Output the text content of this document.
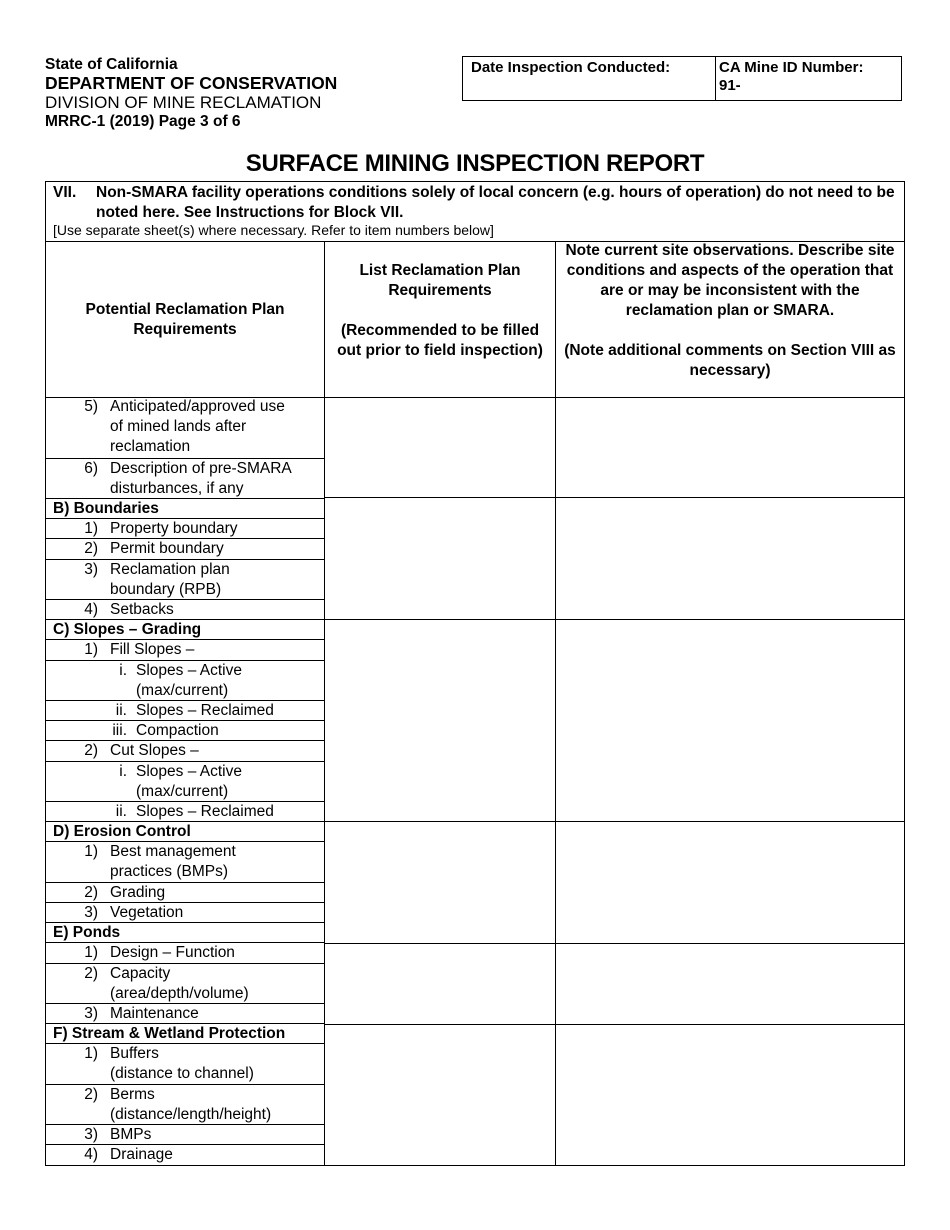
State of California
DEPARTMENT OF CONSERVATION
DIVISION OF MINE RECLAMATION
MRRC-1 (2019) Page 3 of 6
Date Inspection Conducted:	CA Mine ID Number:
91-
SURFACE MINING INSPECTION REPORT
VII. Non-SMARA facility operations conditions solely of local concern (e.g. hours of operation) do not need to be noted here. See Instructions for Block VII.
[Use separate sheet(s) where necessary. Refer to item numbers below]
Potential Reclamation Plan Requirements
List Reclamation Plan Requirements
(Recommended to be filled out prior to field inspection)
Note current site observations. Describe site conditions and aspects of the operation that are or may be inconsistent with the reclamation plan or SMARA.
(Note additional comments on Section VIII as necessary)
5) Anticipated/approved use
of mined lands after
reclamation
6) Description of pre-SMARA
disturbances, if any
B) Boundaries
1) Property boundary
2) Permit boundary
3) Reclamation plan
boundary (RPB)
4) Setbacks
C) Slopes – Grading
1) Fill Slopes –
i. Slopes – Active
(max/current)
ii. Slopes – Reclaimed
iii. Compaction
2) Cut Slopes –
i. Slopes – Active
(max/current)
ii. Slopes – Reclaimed
D) Erosion Control
1) Best management
practices (BMPs)
2) Grading
3) Vegetation
E) Ponds
1) Design – Function
2) Capacity
(area/depth/volume)
3) Maintenance
F) Stream & Wetland Protection
1) Buffers
(distance to channel)
2) Berms
(distance/length/height)
3) BMPs
4) Drainage
